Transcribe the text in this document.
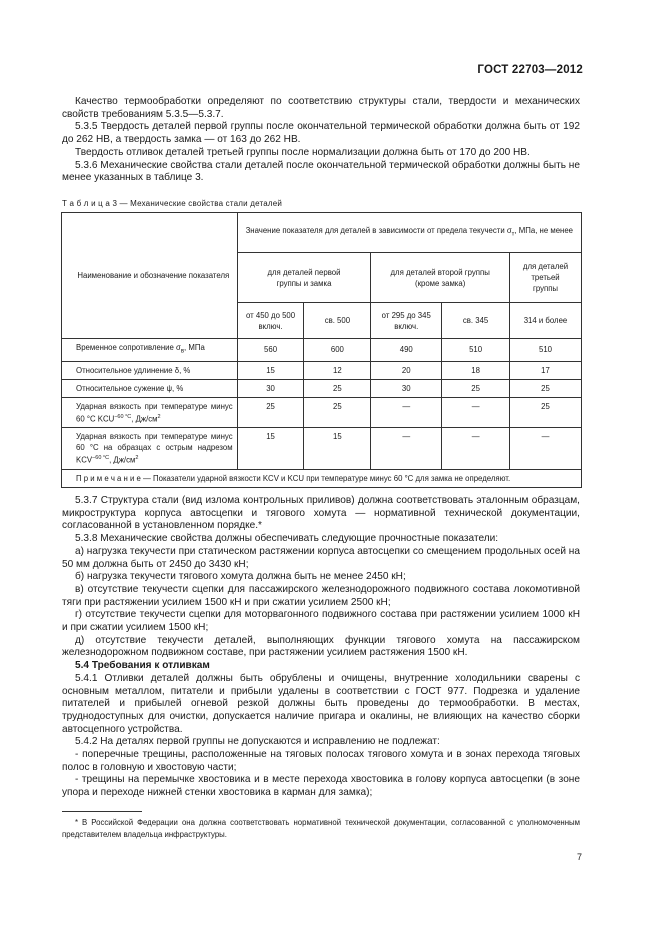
ГОСТ 22703—2012

Качество термообработки определяют по соответствию структуры стали, твердости и механических свойств требованиям 5.3.5—5.3.7.

5.3.5 Твердость деталей первой группы после окончательной термической обработки должна быть от 192 до 262 НВ, а твердость замка — от 163 до 262 НВ.

Твердость отливок деталей третьей группы после нормализации должна быть от 170 до 200 НВ.

5.3.6 Механические свойства стали деталей после окончательной термической обработки должны быть не менее указанных в таблице 3.

Т а б л и ц а 3 — Механические свойства стали деталей
Наименование и обозначение показателя	Значение показателя для деталей в зависимости от предела текучести $\sigma_т$, МПа, не менее				
	для деталей первой группы и замка		для деталей второй группы (кроме замка)		для деталей третьей группы
	от 450 до 500 включ.	св. 500	от 295 до 345 включ.	св. 345	314 и более
Временное сопротивление $\sigma_в$, МПа	560	600	490	510	510
Относительное удлинение δ, %	15	12	20	18	17
Относительное сужение ψ, %	30	25	30	25	25
Ударная вязкость при температуре минус 60 °С $KCU^{-60 ^\circ С}$, $Дж/см^2$	25	25	—	—	25
Ударная вязкость при температуре минус 60 °С на образцах с острым надрезом $KCV^{-60 ^\circ С}$, $Дж/см^2$	15	15	—	—	—
П р и м е ч а н и е — Показатели ударной вязкости KCV и KCU при температуре минус 60 °С для замка не определяют.					

5.3.7 Структура стали (вид излома контрольных приливов) должна соответствовать эталонным образцам, микроструктура корпуса автосцепки и тягового хомута — нормативной технической документации, согласованной в установленном порядке.*

5.3.8 Механические свойства должны обеспечивать следующие прочностные показатели:

а) нагрузка текучести при статическом растяжении корпуса автосцепки со смещением продольных осей на 50 мм должна быть от 2450 до 3430 кН;

б) нагрузка текучести тягового хомута должна быть не менее 2450 кН;

в) отсутствие текучести сцепки для пассажирского железнодорожного подвижного состава локомотивной тяги при растяжении усилием 1500 кН и при сжатии усилием 2500 кН;

г) отсутствие текучести сцепки для моторвагонного подвижного состава при растяжении усилием 1000 кН и при сжатии усилием 1500 кН;

д) отсутствие текучести деталей, выполняющих функции тягового хомута на пассажирском железнодорожном подвижном составе, при растяжении усилием растяжения 1500 кН.

5.4 Требования к отливкам

5.4.1 Отливки деталей должны быть обрублены и очищены, внутренние холодильники сварены с основным металлом, питатели и прибыли удалены в соответствии с ГОСТ 977. Подрезка и удаление питателей и прибылей огневой резкой должны быть проведены до термообработки. В местах, труднодоступных для очистки, допускается наличие пригара и окалины, не влияющих на качество сборки автосцепного устройства.

5.4.2 На деталях первой группы не допускаются и исправлению не подлежат:

- поперечные трещины, расположенные на тяговых полосах тягового хомута и в зонах перехода тяговых полос в головную и хвостовую части;

- трещины на перемычке хвостовика и в месте перехода хвостовика в голову корпуса автосцепки (в зоне упора и переходе нижней стенки хвостовика в карман для замка);

* В Российской Федерации она должна соответствовать нормативной технической документации, согласованной с уполномоченным представителем владельца инфраструктуры.
7
